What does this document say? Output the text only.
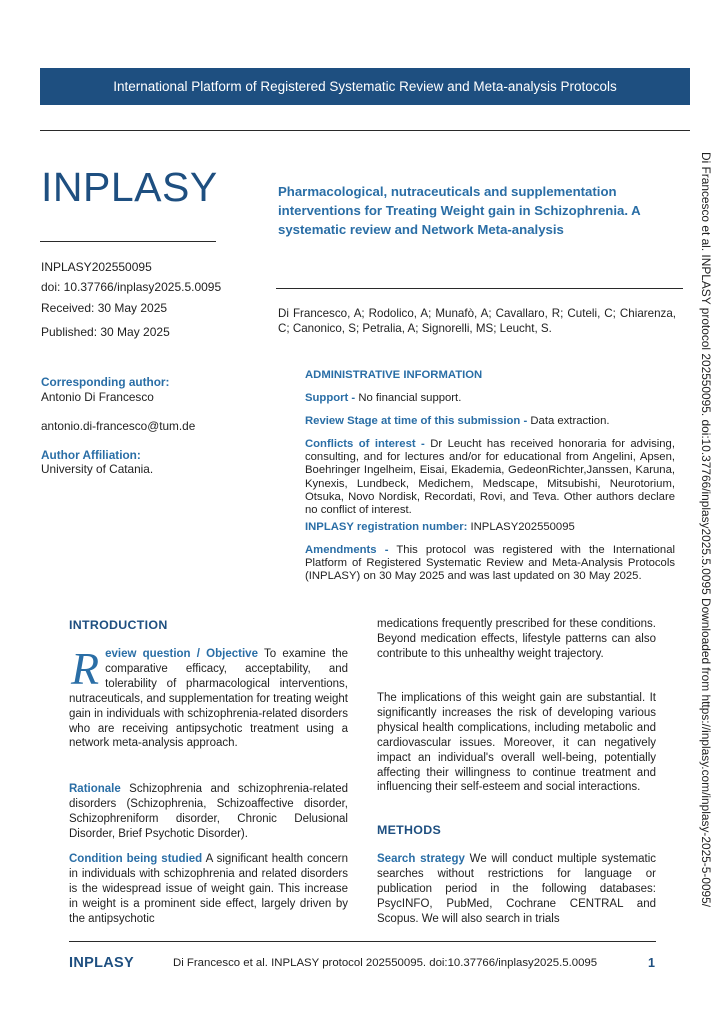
International Platform of Registered Systematic Review and Meta-analysis Protocols
INPLASY
INPLASY202550095
doi: 10.37766/inplasy2025.5.0095
Received: 30 May 2025
Published: 30 May 2025
Pharmacological, nutraceuticals and supplementation interventions for Treating Weight gain in Schizophrenia. A systematic review and Network Meta-analysis
Di Francesco, A; Rodolico, A; Munafò, A; Cavallaro, R; Cuteli, C; Chiarenza, C; Canonico, S; Petralia, A; Signorelli, MS; Leucht, S.
Corresponding author:
Antonio Di Francesco
antonio.di-francesco@tum.de
Author Affiliation:
University of Catania.
ADMINISTRATIVE INFORMATION
Support - No financial support.
Review Stage at time of this submission - Data extraction.
Conflicts of interest - Dr Leucht has received honoraria for advising, consulting, and for lectures and/or for educational from Angelini, Apsen, Boehringer Ingelheim, Eisai, Ekademia, GedeonRichter,Janssen, Karuna, Kynexis, Lundbeck, Medichem, Medscape, Mitsubishi, Neurotorium, Otsuka, Novo Nordisk, Recordati, Rovi, and Teva. Other authors declare no conflict of interest.
INPLASY registration number: INPLASY202550095
Amendments - This protocol was registered with the International Platform of Registered Systematic Review and Meta-Analysis Protocols (INPLASY) on 30 May 2025 and was last updated on 30 May 2025.
INTRODUCTION
Review question / Objective To examine the comparative efficacy, acceptability, and tolerability of pharmacological interventions, nutraceuticals, and supplementation for treating weight gain in individuals with schizophrenia-related disorders who are receiving antipsychotic treatment using a network meta-analysis approach.
Rationale Schizophrenia and schizophrenia-related disorders (Schizophrenia, Schizoaffective disorder, Schizophreniform disorder, Chronic Delusional Disorder, Brief Psychotic Disorder).
Condition being studied A significant health concern in individuals with schizophrenia and related disorders is the widespread issue of weight gain. This increase in weight is a prominent side effect, largely driven by the antipsychotic
medications frequently prescribed for these conditions. Beyond medication effects, lifestyle patterns can also contribute to this unhealthy weight trajectory.
The implications of this weight gain are substantial. It significantly increases the risk of developing various physical health complications, including metabolic and cardiovascular issues. Moreover, it can negatively impact an individual's overall well-being, potentially affecting their willingness to continue treatment and influencing their self-esteem and social interactions.
METHODS
Search strategy We will conduct multiple systematic searches without restrictions for language or publication period in the following databases: PsycINFO, PubMed, Cochrane CENTRAL and Scopus. We will also search in trials
Di Francesco et al. INPLASY protocol 202550095. doi:10.37766/inplasy2025.5.0095 Downloaded from https://inplasy.com/inplasy-2025-5-0095/
INPLASY	Di Francesco et al. INPLASY protocol 202550095. doi:10.37766/inplasy2025.5.0095	1
